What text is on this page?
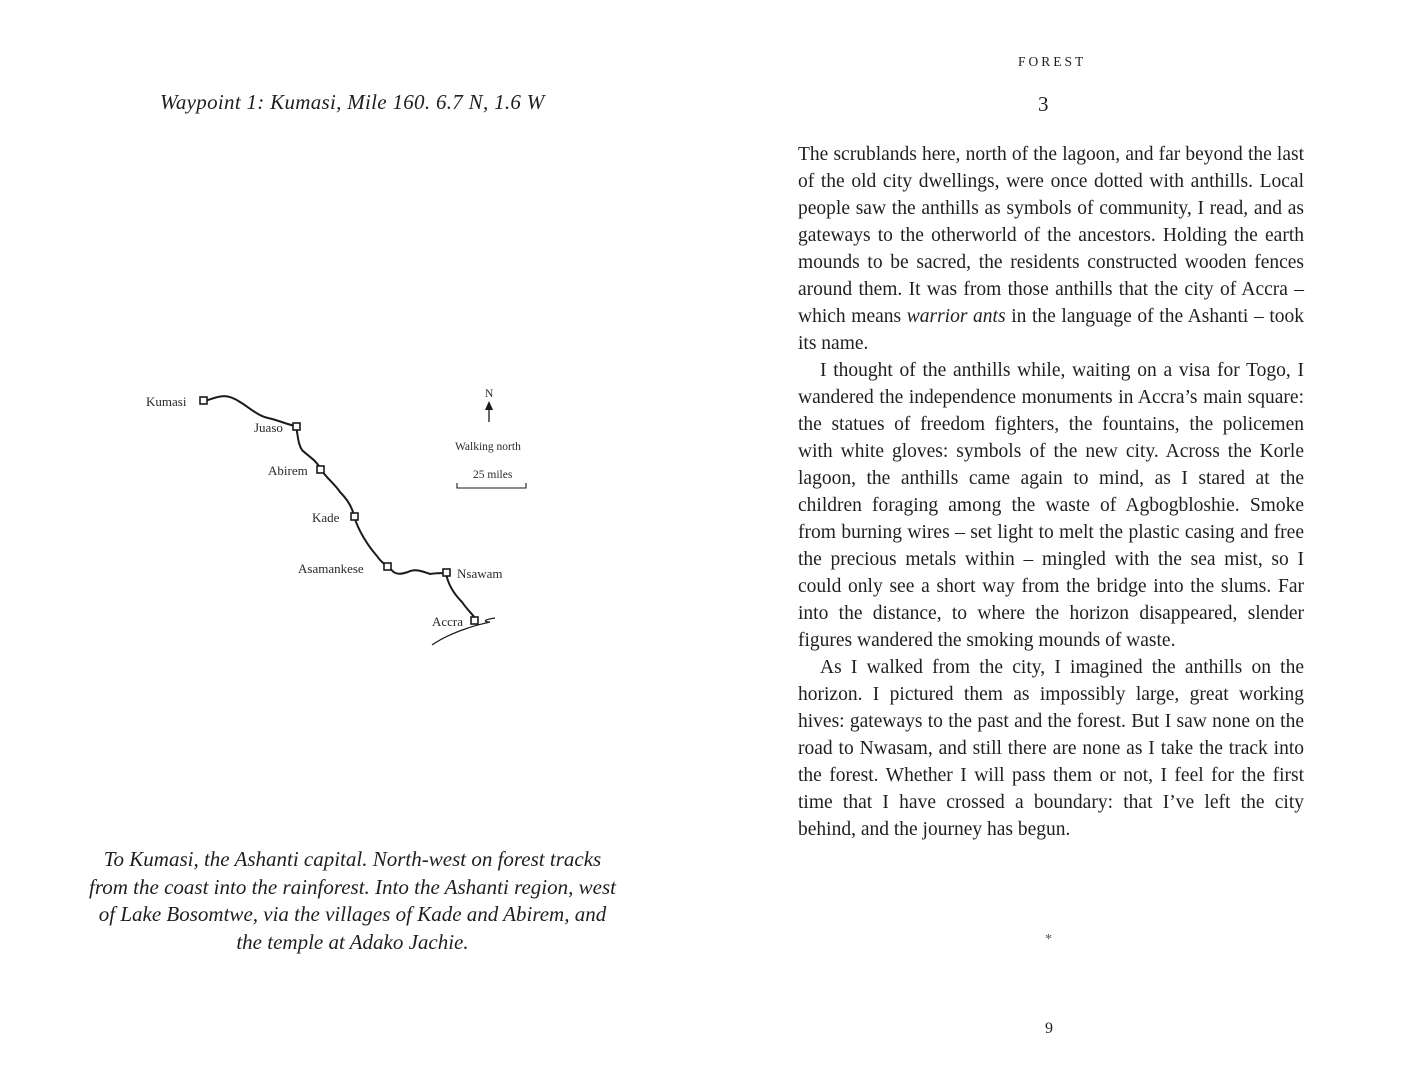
Waypoint 1: Kumasi, Mile 160. 6.7 N, 1.6 W
Kumasi
Juaso
Abirem
Kade
Asamankese	Nsawam
Accra
N
Walking north
25 miles
To Kumasi, the Ashanti capital. North-west on forest tracks from the coast into the rainforest. Into the Ashanti region, west of Lake Bosomtwe, via the villages of Kade and Abirem, and the temple at Adako Jachie.
FOREST
3

The scrublands here, north of the lagoon, and far beyond the last of the old city dwellings, were once dotted with anthills. Local people saw the anthills as symbols of community, I read, and as gateways to the otherworld of the ancestors. Holding the earth mounds to be sacred, the residents constructed wooden fences around them. It was from those anthills that the city of Accra – which means warrior ants in the language of the Ashanti – took its name.

I thought of the anthills while, waiting on a visa for Togo, I wandered the independence monuments in Accra’s main square: the statues of freedom fighters, the fountains, the policemen with white gloves: symbols of the new city. Across the Korle lagoon, the anthills came again to mind, as I stared at the children foraging among the waste of Agbogbloshie. Smoke from burning wires – set light to melt the plastic casing and free the precious metals within – mingled with the sea mist, so I could only see a short way from the bridge into the slums. Far into the distance, to where the horizon disappeared, slender figures wandered the smoking mounds of waste.

As I walked from the city, I imagined the anthills on the horizon. I pictured them as impossibly large, great working hives: gateways to the past and the forest. But I saw none on the road to Nwasam, and still there are none as I take the track into the forest. Whether I will pass them or not, I feel for the first time that I have crossed a boundary: that I’ve left the city behind, and the journey has begun.

*
9
